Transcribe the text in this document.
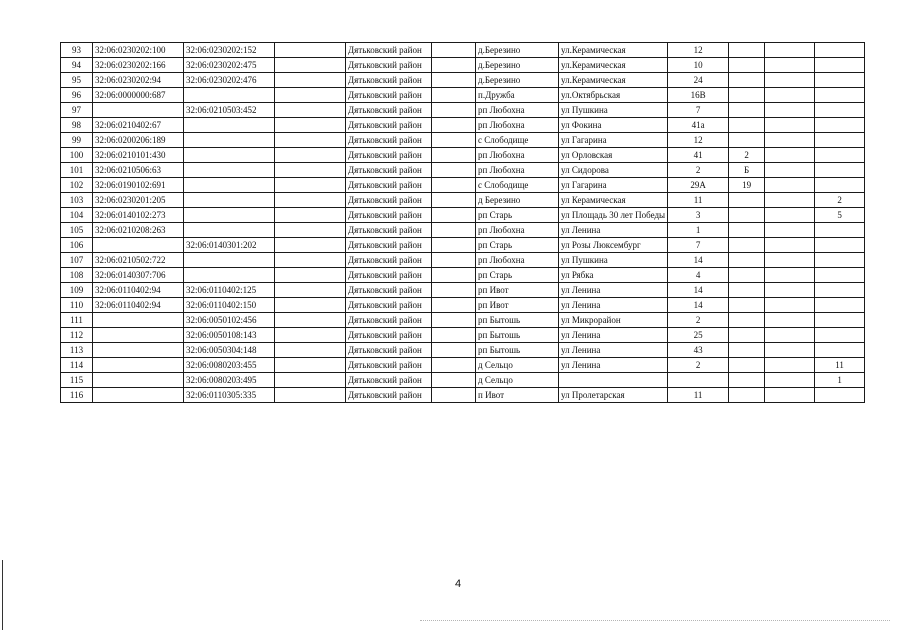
93	32:06:0230202:100	32:06:0230202:152		Дятьковский район		д.Березино	ул.Керамическая	12			
94	32:06:0230202:166	32:06:0230202:475		Дятьковский район		д.Березино	ул.Керамическая	10			
95	32:06:0230202:94	32:06:0230202:476		Дятьковский район		д.Березино	ул.Керамическая	24			
96	32:06:0000000:687			Дятьковский район		п.Дружба	ул.Октябрьская	16В			
97		32:06:0210503:452		Дятьковский район		рп Любохна	ул Пушкина	7			
98	32:06:0210402:67			Дятьковский район		рп Любохна	ул Фокина	41а			
99	32:06:0200206:189			Дятьковский район		с Слободище	ул Гагарина	12			
100	32:06:0210101:430			Дятьковский район		рп Любохна	ул Орловская	41	2		
101	32:06:0210506:63			Дятьковский район		рп Любохна	ул Сидорова	2	Б		
102	32:06:0190102:691			Дятьковский район		с Слободище	ул Гагарина	29А	19		
103	32:06:0230201:205			Дятьковский район		д Березино	ул Керамическая	11			2
104	32:06:0140102:273			Дятьковский район		рп Старь	ул Площадь 30 лет Победы	3			5
105	32:06:0210208:263			Дятьковский район		рп Любохна	ул Ленина	1			
106		32:06:0140301:202		Дятьковский район		рп Старь	ул Розы Люксембург	7			
107	32:06:0210502:722			Дятьковский район		рп Любохна	ул Пушкина	14			
108	32:06:0140307:706			Дятьковский район		рп Старь	ул Рябка	4			
109	32:06:0110402:94	32:06:0110402:125		Дятьковский район		рп Ивот	ул Ленина	14			
110	32:06:0110402:94	32:06:0110402:150		Дятьковский район		рп Ивот	ул Ленина	14			
111		32:06:0050102:456		Дятьковский район		рп Бытошь	ул Микрорайон	2			
112		32:06:0050108:143		Дятьковский район		рп Бытошь	ул Ленина	25			
113		32:06:0050304:148		Дятьковский район		рп Бытошь	ул Ленина	43			
114		32:06:0080203:455		Дятьковский район		д Сельцо	ул Ленина	2			11
115		32:06:0080203:495		Дятьковский район		д Сельцо					1
116		32:06:0110305:335		Дятьковский район		п Ивот	ул Пролетарская	11			
4
